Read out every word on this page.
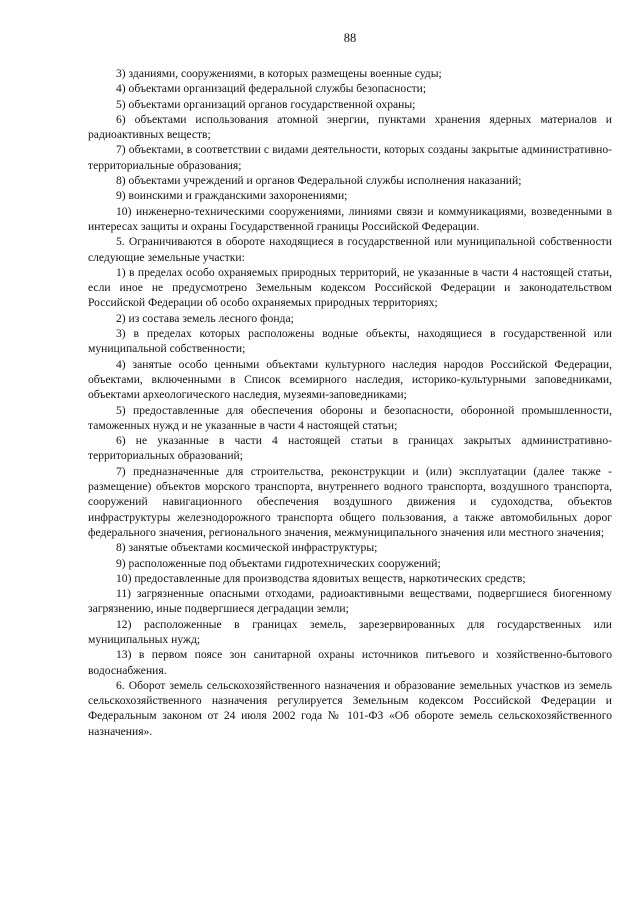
88

3) зданиями, сооружениями, в которых размещены военные суды;

4) объектами организаций федеральной службы безопасности;

5) объектами организаций органов государственной охраны;

6) объектами использования атомной энергии, пунктами хранения ядерных материалов и радиоактивных веществ;

7) объектами, в соответствии с видами деятельности, которых созданы закрытые административно-территориальные образования;

8) объектами учреждений и органов Федеральной службы исполнения наказаний;

9) воинскими и гражданскими захоронениями;

10) инженерно-техническими сооружениями, линиями связи и коммуникациями, возведенными в интересах защиты и охраны Государственной границы Российской Федерации.

5. Ограничиваются в обороте находящиеся в государственной или муниципальной собственности следующие земельные участки:

1) в пределах особо охраняемых природных территорий, не указанные в части 4 настоящей статьи, если иное не предусмотрено Земельным кодексом Российской Федерации и законодательством Российской Федерации об особо охраняемых природных территориях;

2) из состава земель лесного фонда;

3) в пределах которых расположены водные объекты, находящиеся в государственной или муниципальной собственности;

4) занятые особо ценными объектами культурного наследия народов Российской Федерации, объектами, включенными в Список всемирного наследия, историко-культурными заповедниками, объектами археологического наследия, музеями-заповедниками;

5) предоставленные для обеспечения обороны и безопасности, оборонной промышленности, таможенных нужд и не указанные в части 4 настоящей статьи;

6) не указанные в части 4 настоящей статьи в границах закрытых административно-территориальных образований;

7) предназначенные для строительства, реконструкции и (или) эксплуатации (далее также - размещение) объектов морского транспорта, внутреннего водного транспорта, воздушного транспорта, сооружений навигационного обеспечения воздушного движения и судоходства, объектов инфраструктуры железнодорожного транспорта общего пользования, а также автомобильных дорог федерального значения, регионального значения, межмуниципального значения или местного значения;

8) занятые объектами космической инфраструктуры;

9) расположенные под объектами гидротехнических сооружений;

10) предоставленные для производства ядовитых веществ, наркотических средств;

11) загрязненные опасными отходами, радиоактивными веществами, подвергшиеся биогенному загрязнению, иные подвергшиеся деградации земли;

12) расположенные в границах земель, зарезервированных для государственных или муниципальных нужд;

13) в первом поясе зон санитарной охраны источников питьевого и хозяйственно-бытового водоснабжения.

6. Оборот земель сельскохозяйственного назначения и образование земельных участков из земель сельскохозяйственного назначения регулируется Земельным кодексом Российской Федерации и Федеральным законом от 24 июля 2002 года № 101-ФЗ «Об обороте земель сельскохозяйственного назначения».
